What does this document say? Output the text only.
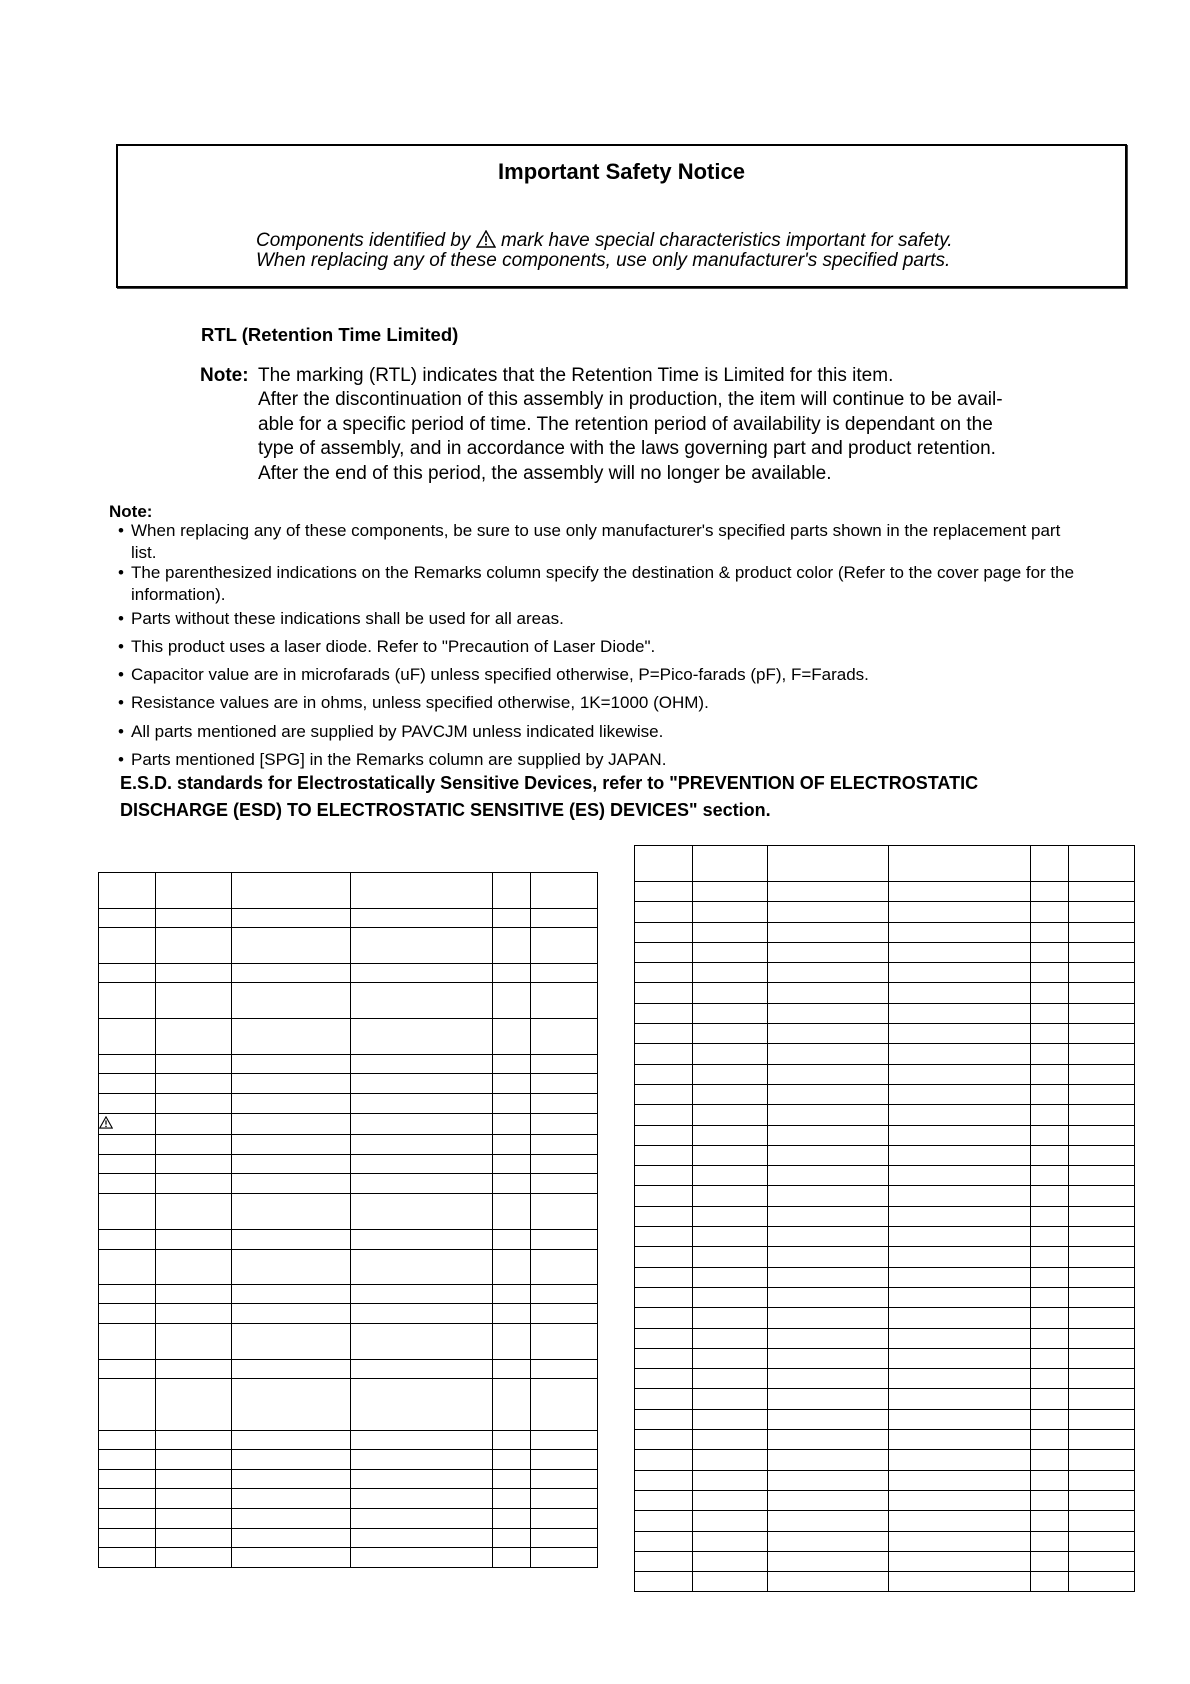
Important Safety Notice
Components identified by mark have special characteristics important for safety.
When replacing any of these components, use only manufacturer's specified parts.
RTL (Retention Time Limited)
Note: The marking (RTL) indicates that the Retention Time is Limited for this item.
After the discontinuation of this assembly in production, the item will continue to be avail-
able for a specific period of time. The retention period of availability is dependant on the
type of assembly, and in accordance with the laws governing part and product retention.
After the end of this period, the assembly will no longer be available.
Note:
• When replacing any of these components, be sure to use only manufacturer's specified parts shown in the replacement part
list.
• The parenthesized indications on the Remarks column specify the destination & product color (Refer to the cover page for the
information).
• Parts without these indications shall be used for all areas.
• This product uses a laser diode. Refer to "Precaution of Laser Diode".
• Capacitor value are in microfarads (uF) unless specified otherwise, P=Pico-farads (pF), F=Farads.
• Resistance values are in ohms, unless specified otherwise, 1K=1000 (OHM).
• All parts mentioned are supplied by PAVCJM unless indicated likewise.
• Parts mentioned [SPG] in the Remarks column are supplied by JAPAN.
E.S.D. standards for Electrostatically Sensitive Devices, refer to "PREVENTION OF ELECTROSTATIC
DISCHARGE (ESD) TO ELECTROSTATIC SENSITIVE (ES) DEVICES" section.
